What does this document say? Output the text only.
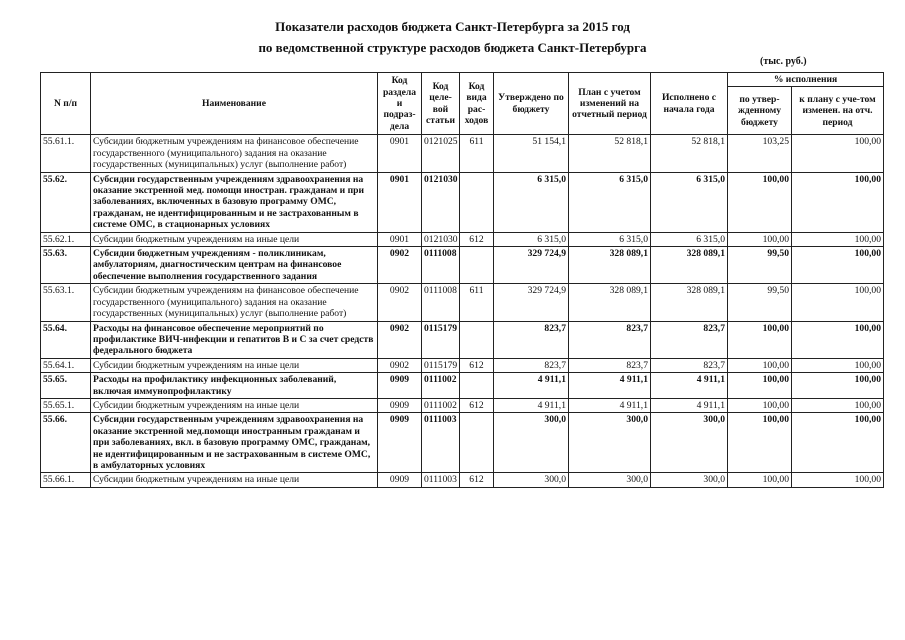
Показатели расходов бюджета Санкт-Петербурга за 2015 год
по ведомственной структуре расходов бюджета Санкт-Петербурга
(тыс. руб.)
N п/п	Наименование	Код раздела и подраз-дела	Код целе-вой статьи	Код вида рас-ходов	Утверждено по бюджету	План с учетом изменений на отчетный период	Исполнено с начала года	% исполнения	
								по утвер-жденному бюджету	к плану с уче-том изменен. на отч. период
55.61.1.	Субсидии бюджетным учреждениям на финансовое обеспечение государственного (муниципального) задания на оказание государственных (муниципальных) услуг (выполнение работ)	0901	0121025	611	51 154,1	52 818,1	52 818,1	103,25	100,00
55.62.	Субсидии государственным учреждениям здравоохранения на оказание экстренной мед. помощи иностран. гражданам и при заболеваниях, включенных в базовую программу ОМС, гражданам, не идентифицированным и не застрахованным в системе ОМС, в стационарных условиях	0901	0121030		6 315,0	6 315,0	6 315,0	100,00	100,00
55.62.1.	Субсидии бюджетным учреждениям на иные цели	0901	0121030	612	6 315,0	6 315,0	6 315,0	100,00	100,00
55.63.	Субсидии бюджетным учреждениям - поликлиникам, амбулаториям, диагностическим центрам на финансовое обеспечение выполнения государственного задания	0902	0111008		329 724,9	328 089,1	328 089,1	99,50	100,00
55.63.1.	Субсидии бюджетным учреждениям на финансовое обеспечение государственного (муниципального) задания на оказание государственных (муниципальных) услуг (выполнение работ)	0902	0111008	611	329 724,9	328 089,1	328 089,1	99,50	100,00
55.64.	Расходы на финансовое обеспечение мероприятий по профилактике ВИЧ-инфекции и гепатитов В и С за счет средств федерального бюджета	0902	0115179		823,7	823,7	823,7	100,00	100,00
55.64.1.	Субсидии бюджетным учреждениям на иные цели	0902	0115179	612	823,7	823,7	823,7	100,00	100,00
55.65.	Расходы на профилактику инфекционных заболеваний, включая иммунопрофилактику	0909	0111002		4 911,1	4 911,1	4 911,1	100,00	100,00
55.65.1.	Субсидии бюджетным учреждениям на иные цели	0909	0111002	612	4 911,1	4 911,1	4 911,1	100,00	100,00
55.66.	Субсидии государственным учреждениям здравоохранения на оказание экстренной мед.помощи иностранным гражданам и при заболеваниях, вкл. в базовую программу ОМС, гражданам, не идентифицированным и не застрахованным в системе ОМС, в амбулаторных условиях	0909	0111003		300,0	300,0	300,0	100,00	100,00
55.66.1.	Субсидии бюджетным учреждениям на иные цели	0909	0111003	612	300,0	300,0	300,0	100,00	100,00
